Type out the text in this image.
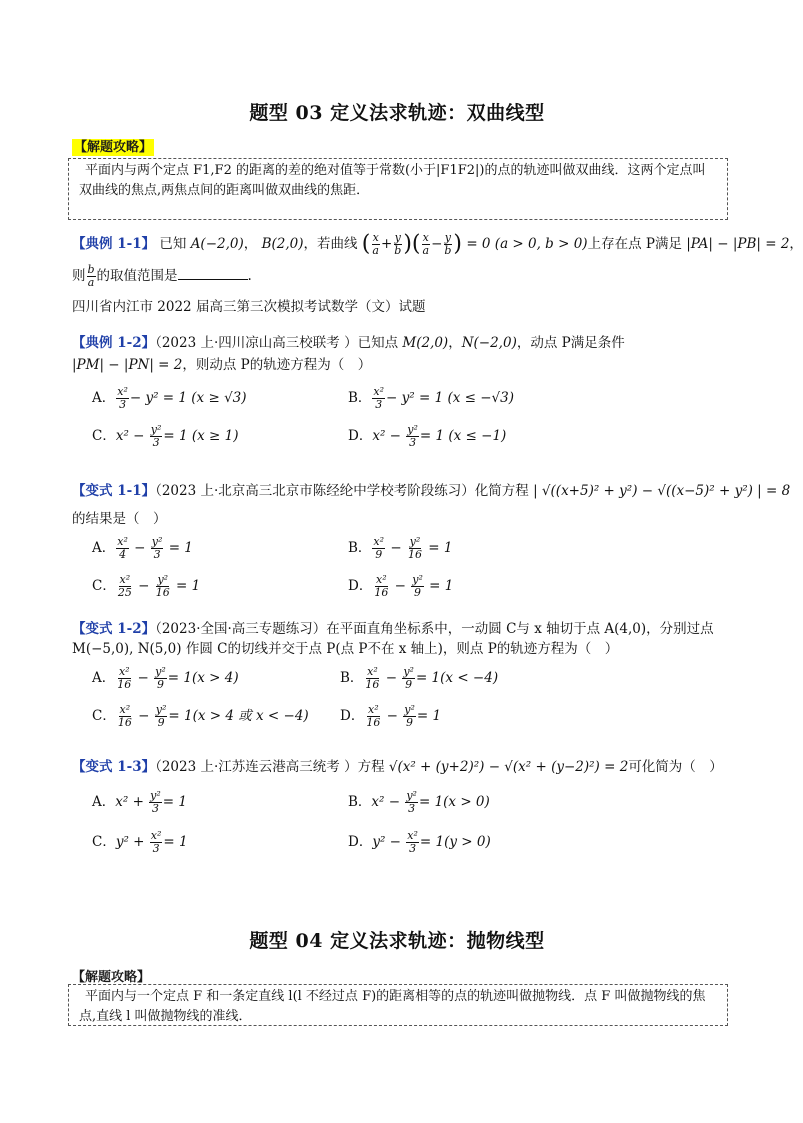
题型 03 定义法求轨迹：双曲线型
【解题攻略】
平面内与两个定点 F1,F2 的距离的差的绝对值等于常数(小于|F1F2|)的点的轨迹叫做双曲线．这两个定点叫双曲线的焦点,两焦点间的距离叫做双曲线的焦距．
【典例 1-1】 已知 A(−2,0)， B(2,0)，若曲线 ( $\frac{x}{a} + \frac{y}{b}$ )( $\frac{x}{a} - \frac{y}{b}$ ) = 0 (a > 0, b > 0)上存在点 P满足 |PA| − |PB| = 2，
则 $\frac{b}{a}$ 的取值范围是	.
四川省内江市 2022 届高三第三次模拟考试数学（文）试题
【典例 1-2】（2023 上·四川凉山高三校联考 ）已知点 M(2,0)，N(−2,0)，动点 P满足条件
|PM| − |PN| = 2，则动点 P的轨迹方程为（　）
A． $\frac{\text{x²}}{3} - y^2 = 1$ (x ≥ √3)	B． $\frac{\text{x²}}{3} - y^2 = 1$ (x ≤ −√3)
C．$x^2 - \frac{\text{y²}}{3} = 1$ (x ≥ 1)	D．$x^2 - \frac{\text{y²}}{3} = 1$ (x ≤ −1)
【变式 1-1】（2023 上·北京高三北京市陈经纶中学校考阶段练习）化简方程 | √((x+5)² + y²) − √((x−5)² + y²) | = 8
的结果是（　）
A． $\frac{\text{x²}}{4} - \frac{\text{y²}}{3} = 1$	B． $\frac{\text{x²}}{9} - \frac{\text{y²}}{16} = 1$
C． $\frac{\text{x²}}{25} - \frac{\text{y²}}{16} = 1$	D． $\frac{\text{x²}}{16} - \frac{\text{y²}}{9} = 1$
【变式 1-2】（2023·全国·高三专题练习）在平面直角坐标系中，一动圆 C与 x 轴切于点 A(4,0)，分别过点
M(−5,0), N(5,0) 作圆 C的切线并交于点 P(点 P不在 x 轴上)，则点 P的轨迹方程为（　）
A． $\frac{\text{x²}}{16} - \frac{\text{y²}}{9} = 1(x > 4)$	B． $\frac{\text{x²}}{16} - \frac{\text{y²}}{9} = 1(x < -4)$
C． $\frac{\text{x²}}{16} - \frac{\text{y²}}{9} = 1(x > 4$ 或 x < −4) D． $\frac{\text{x²}}{16} - \frac{\text{y²}}{9} = 1$
【变式 1-3】（2023 上·江苏连云港高三统考 ）方程 √(x² + (y+2)²) − √(x² + (y−2)²) = 2可化简为（　）
A．$x^2 + \frac{\text{y²}}{3} = 1$	B．$x^2 - \frac{\text{y²}}{3} = 1(x > 0)$
C．$y^2 + \frac{\text{x²}}{3} = 1$	D．$y^2 - \frac{\text{x²}}{3} = 1(y > 0)$
题型 04 定义法求轨迹：抛物线型
【解题攻略】
平面内与一个定点 F 和一条定直线 l(l 不经过点 F)的距离相等的点的轨迹叫做抛物线．点 F 叫做抛物线的焦点,直线 l 叫做抛物线的准线．
